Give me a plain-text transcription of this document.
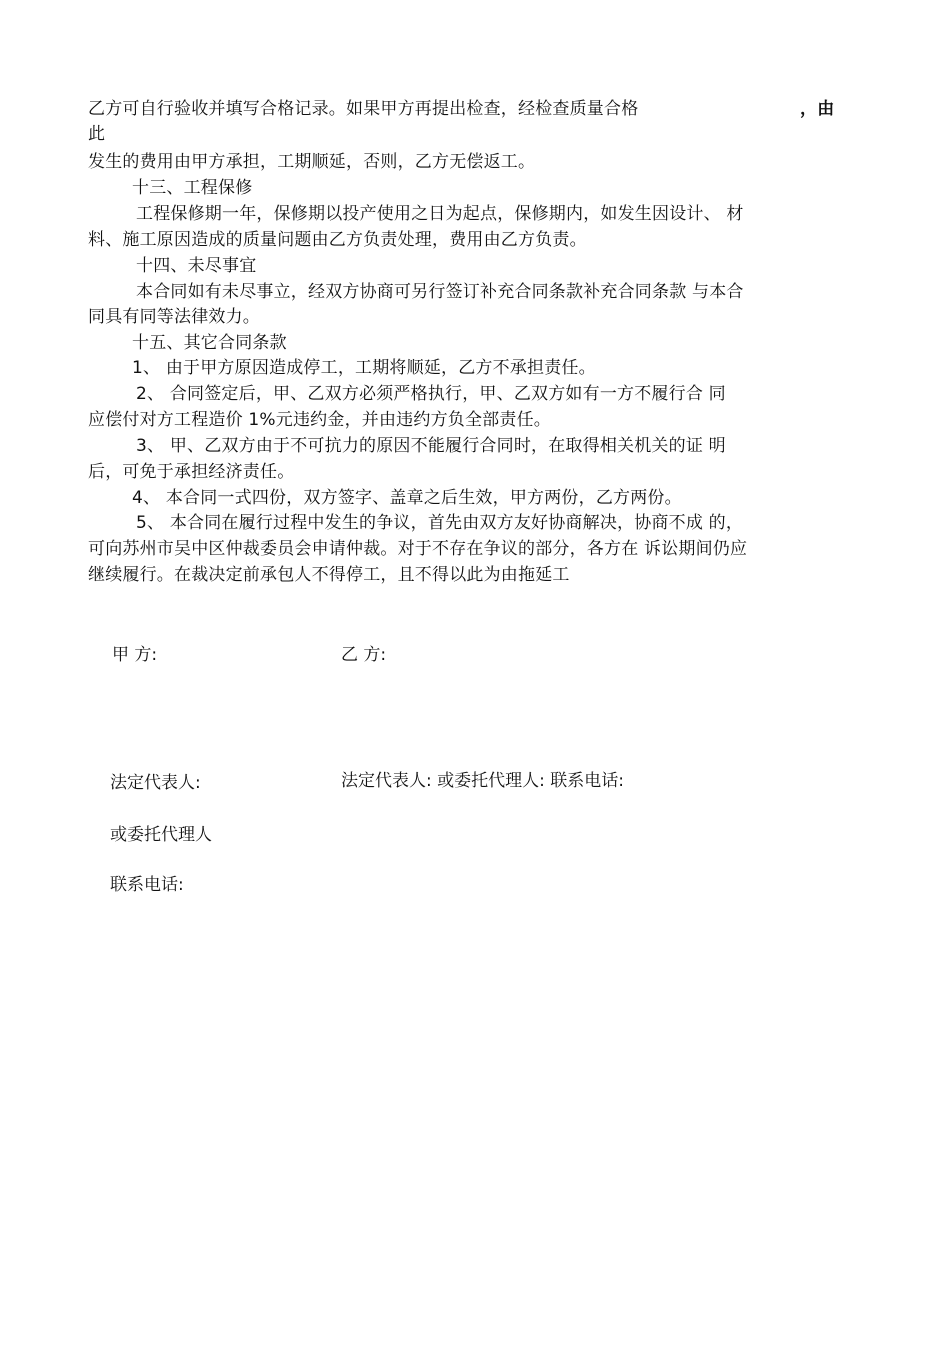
乙方可自行验收并填写合格记录。如果甲方再提出检查，经检查质量合格	，由
此
发生的费用由甲方承担，工期顺延，否则，乙方无偿返工。
十三、工程保修
工程保修期一年，保修期以投产使用之日为起点，保修期内，如发生因设计、 材
料、施工原因造成的质量问题由乙方负责处理，费用由乙方负责。
十四、未尽事宜
本合同如有未尽事立，经双方协商可另行签订补充合同条款补充合同条款 与本合
同具有同等法律效力。
十五、其它合同条款
1、 由于甲方原因造成停工，工期将顺延，乙方不承担责任。
2、 合同签定后，甲、乙双方必须严格执行，甲、乙双方如有一方不履行合 同
应偿付对方工程造价 1%元违约金，并由违约方负全部责任。
3、 甲、乙双方由于不可抗力的原因不能履行合同时，在取得相关机关的证 明
后，可免于承担经济责任。
4、 本合同一式四份，双方签字、盖章之后生效，甲方两份，乙方两份。
5、 本合同在履行过程中发生的争议，首先由双方友好协商解决，协商不成 的，
可向苏州市吴中区仲裁委员会申请仲裁。对于不存在争议的部分，各方在 诉讼期间仍应
继续履行。在裁决定前承包人不得停工，且不得以此为由拖延工
甲 方:	乙 方:
法定代表人:	法定代表人: 或委托代理人: 联系电话:
或委托代理人
联系电话:
